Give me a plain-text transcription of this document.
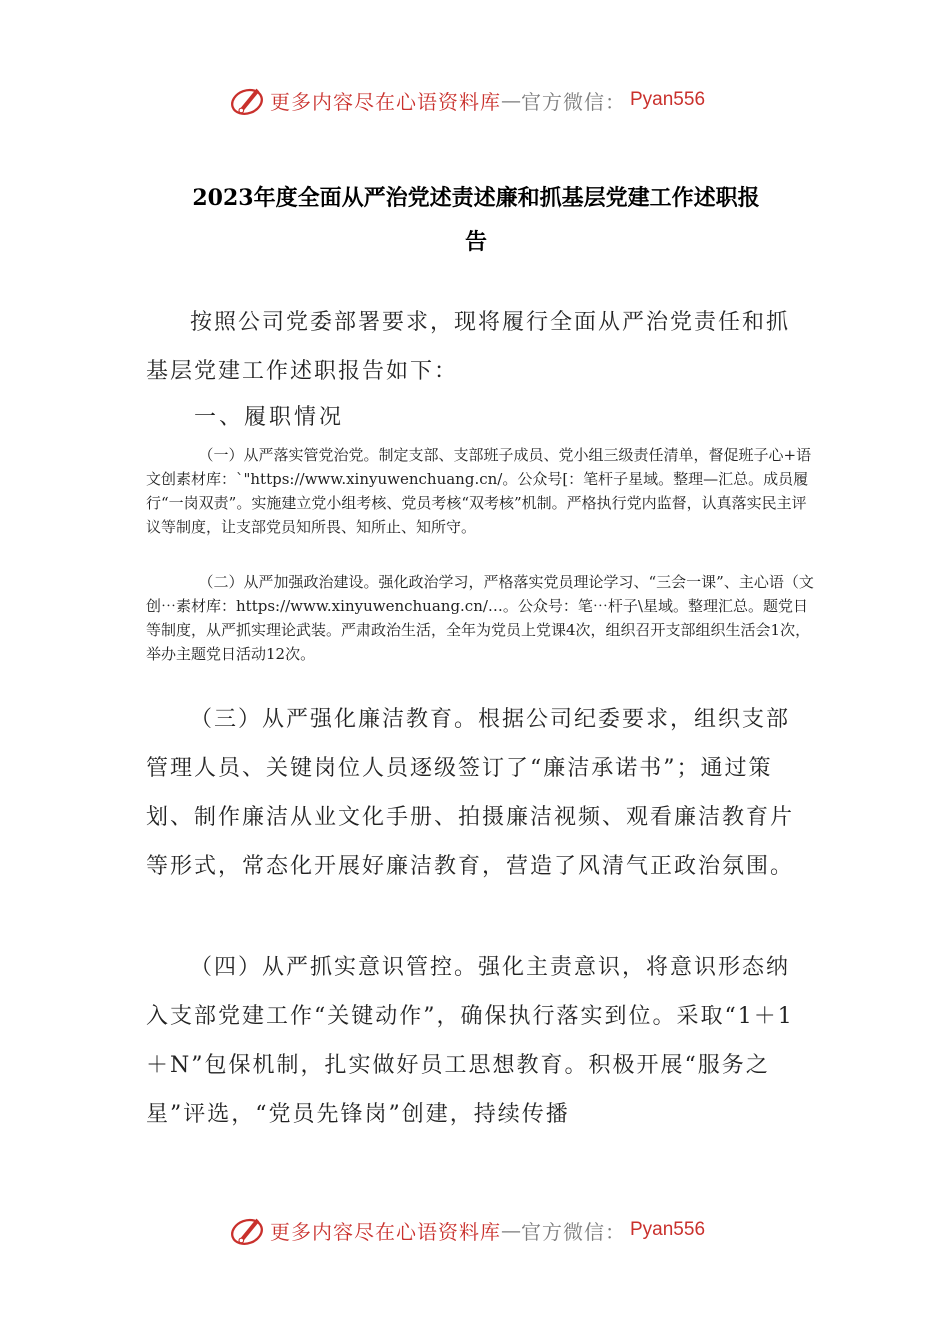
更多内容尽在心语资料库 — 官方微信： Pyan556
2023年度全面从严治党述责述廉和抓基层党建工作述职报
告
按照公司党委部署要求，现将履行全面从严治党责任和抓基层党建工作述职报告如下：
一、履职情况
（一）从严落实管党治党。制定支部、支部班子成员、党小组三级责任清单，督促班子心+语文创素材库：`"https://www.xinyuwenchuang.cn/。公众号[：笔杆子星域。整理—汇总。成员履行“一岗双责”。实施建立党小组考核、党员考核“双考核”机制。严格执行党内监督，认真落实民主评议等制度，让支部党员知所畏、知所止、知所守。
（二）从严加强政治建设。强化政治学习，严格落实党员理论学习、“三会一课”、主心语（文创⋯素材库：https://www.xinyuwenchuang.cn/…。公众号：笔⋯杆子\星域。整理汇总。题党日等制度，从严抓实理论武装。严肃政治生活，全年为党员上党课4次，组织召开支部组织生活会1次，举办主题党日活动12次。
（三）从严强化廉洁教育。根据公司纪委要求，组织支部管理人员、关键岗位人员逐级签订了“廉洁承诺书”；通过策划、制作廉洁从业文化手册、拍摄廉洁视频、观看廉洁教育片等形式，常态化开展好廉洁教育，营造了风清气正政治氛围。
（四）从严抓实意识管控。强化主责意识，将意识形态纳入支部党建工作“关键动作”，确保执行落实到位。采取“1＋1＋N”包保机制，扎实做好员工思想教育。积极开展“服务之星”评选，“党员先锋岗”创建，持续传播
更多内容尽在心语资料库 — 官方微信： Pyan556
